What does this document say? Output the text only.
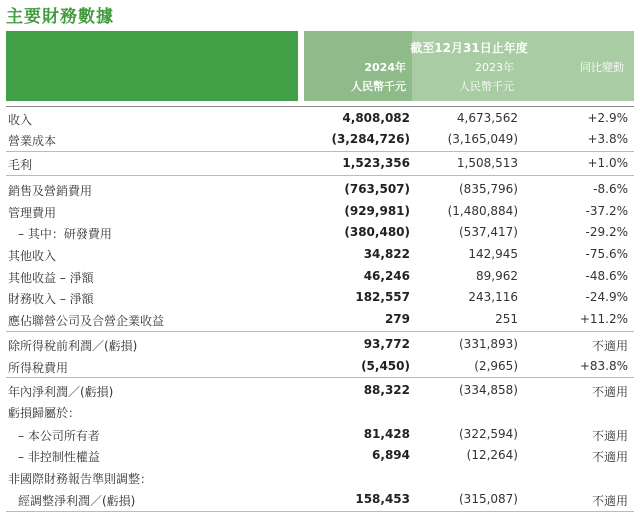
主要財務數據
截至12月31日止年度
2024年
人民幣千元
2023年
人民幣千元
同比變動
收入	4,808,082	4,673,562	+2.9%
營業成本	(3,284,726)	(3,165,049)	+3.8%
毛利	1,523,356	1,508,513	+1.0%
銷售及營銷費用	(763,507)	(835,796)	-8.6%
管理費用	(929,981)	(1,480,884)	-37.2%
– 其中：研發費用	(380,480)	(537,417)	-29.2%
其他收入	34,822	142,945	-75.6%
其他收益 – 淨額	46,246	89,962	-48.6%
財務收入 – 淨額	182,557	243,116	-24.9%
應佔聯營公司及合營企業收益	279	251	+11.2%
除所得稅前利潤／(虧損)	93,772	(331,893)	不適用
所得稅費用	(5,450)	(2,965)	+83.8%
年內淨利潤／(虧損)	88,322	(334,858)	不適用
虧損歸屬於：
– 本公司所有者	81,428	(322,594)	不適用
– 非控制性權益	6,894	(12,264)	不適用
非國際財務報告準則調整：
經調整淨利潤／(虧損)	158,453	(315,087)	不適用
